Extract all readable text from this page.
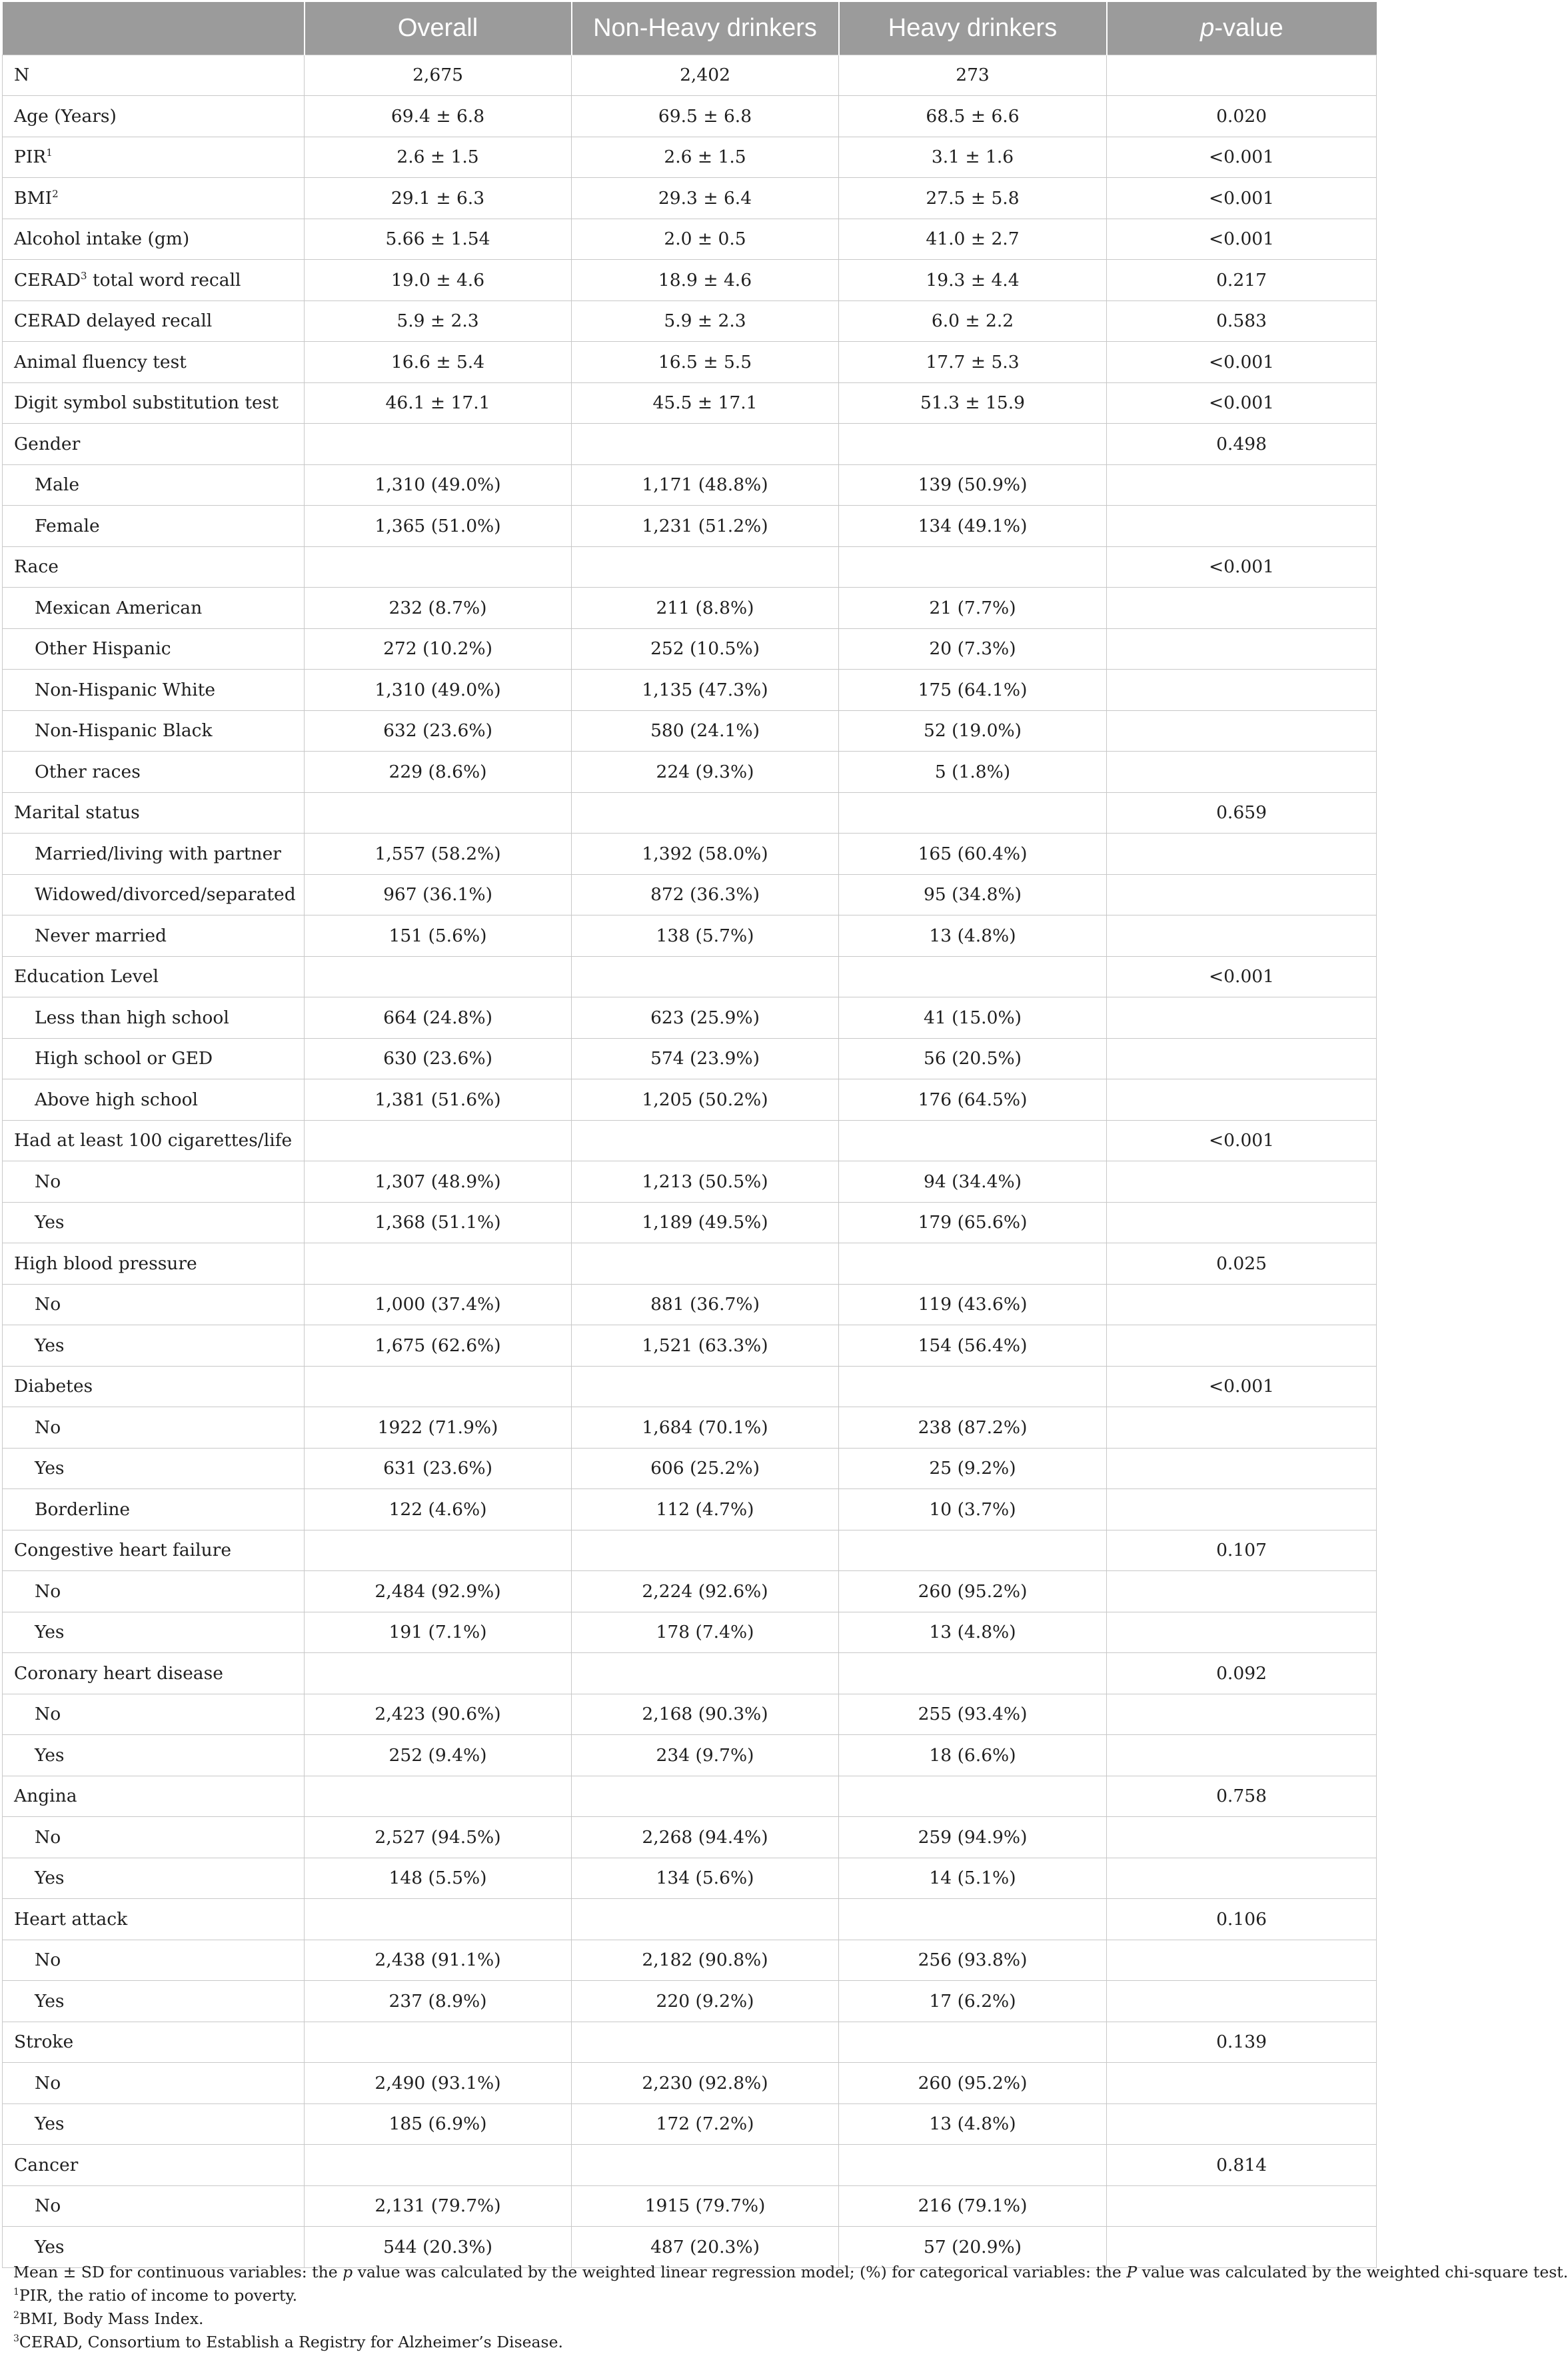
	Overall	Non-Heavy drinkers	Heavy drinkers	p-value
N	2,675	2,402	273	
Age (Years)	69.4 ± 6.8	69.5 ± 6.8	68.5 ± 6.6	0.020
PIR$^1$	2.6 ± 1.5	2.6 ± 1.5	3.1 ± 1.6	<0.001
BMI$^2$	29.1 ± 6.3	29.3 ± 6.4	27.5 ± 5.8	<0.001
Alcohol intake (gm)	5.66 ± 1.54	2.0 ± 0.5	41.0 ± 2.7	<0.001
CERAD$^3$ total word recall	19.0 ± 4.6	18.9 ± 4.6	19.3 ± 4.4	0.217
CERAD delayed recall	5.9 ± 2.3	5.9 ± 2.3	6.0 ± 2.2	0.583
Animal fluency test	16.6 ± 5.4	16.5 ± 5.5	17.7 ± 5.3	<0.001
Digit symbol substitution test	46.1 ± 17.1	45.5 ± 17.1	51.3 ± 15.9	<0.001
Gender				0.498
Male	1,310 (49.0%)	1,171 (48.8%)	139 (50.9%)	
Female	1,365 (51.0%)	1,231 (51.2%)	134 (49.1%)	
Race				<0.001
Mexican American	232 (8.7%)	211 (8.8%)	21 (7.7%)	
Other Hispanic	272 (10.2%)	252 (10.5%)	20 (7.3%)	
Non-Hispanic White	1,310 (49.0%)	1,135 (47.3%)	175 (64.1%)	
Non-Hispanic Black	632 (23.6%)	580 (24.1%)	52 (19.0%)	
Other races	229 (8.6%)	224 (9.3%)	5 (1.8%)	
Marital status				0.659
Married/living with partner	1,557 (58.2%)	1,392 (58.0%)	165 (60.4%)	
Widowed/divorced/separated	967 (36.1%)	872 (36.3%)	95 (34.8%)	
Never married	151 (5.6%)	138 (5.7%)	13 (4.8%)	
Education Level				<0.001
Less than high school	664 (24.8%)	623 (25.9%)	41 (15.0%)	
High school or GED	630 (23.6%)	574 (23.9%)	56 (20.5%)	
Above high school	1,381 (51.6%)	1,205 (50.2%)	176 (64.5%)	
Had at least 100 cigarettes/life				<0.001
No	1,307 (48.9%)	1,213 (50.5%)	94 (34.4%)	
Yes	1,368 (51.1%)	1,189 (49.5%)	179 (65.6%)	
High blood pressure				0.025
No	1,000 (37.4%)	881 (36.7%)	119 (43.6%)	
Yes	1,675 (62.6%)	1,521 (63.3%)	154 (56.4%)	
Diabetes				<0.001
No	1922 (71.9%)	1,684 (70.1%)	238 (87.2%)	
Yes	631 (23.6%)	606 (25.2%)	25 (9.2%)	
Borderline	122 (4.6%)	112 (4.7%)	10 (3.7%)	
Congestive heart failure				0.107
No	2,484 (92.9%)	2,224 (92.6%)	260 (95.2%)	
Yes	191 (7.1%)	178 (7.4%)	13 (4.8%)	
Coronary heart disease				0.092
No	2,423 (90.6%)	2,168 (90.3%)	255 (93.4%)	
Yes	252 (9.4%)	234 (9.7%)	18 (6.6%)	
Angina				0.758
No	2,527 (94.5%)	2,268 (94.4%)	259 (94.9%)	
Yes	148 (5.5%)	134 (5.6%)	14 (5.1%)	
Heart attack				0.106
No	2,438 (91.1%)	2,182 (90.8%)	256 (93.8%)	
Yes	237 (8.9%)	220 (9.2%)	17 (6.2%)	
Stroke				0.139
No	2,490 (93.1%)	2,230 (92.8%)	260 (95.2%)	
Yes	185 (6.9%)	172 (7.2%)	13 (4.8%)	
Cancer				0.814
No	2,131 (79.7%)	1915 (79.7%)	216 (79.1%)	
Yes	544 (20.3%)	487 (20.3%)	57 (20.9%)	
Mean ± SD for continuous variables: the p value was calculated by the weighted linear regression model; (%) for categorical variables: the P value was calculated by the weighted chi-square test.
$^1$PIR, the ratio of income to poverty.
$^2$BMI, Body Mass Index.
$^3$CERAD, Consortium to Establish a Registry for Alzheimer’s Disease.
